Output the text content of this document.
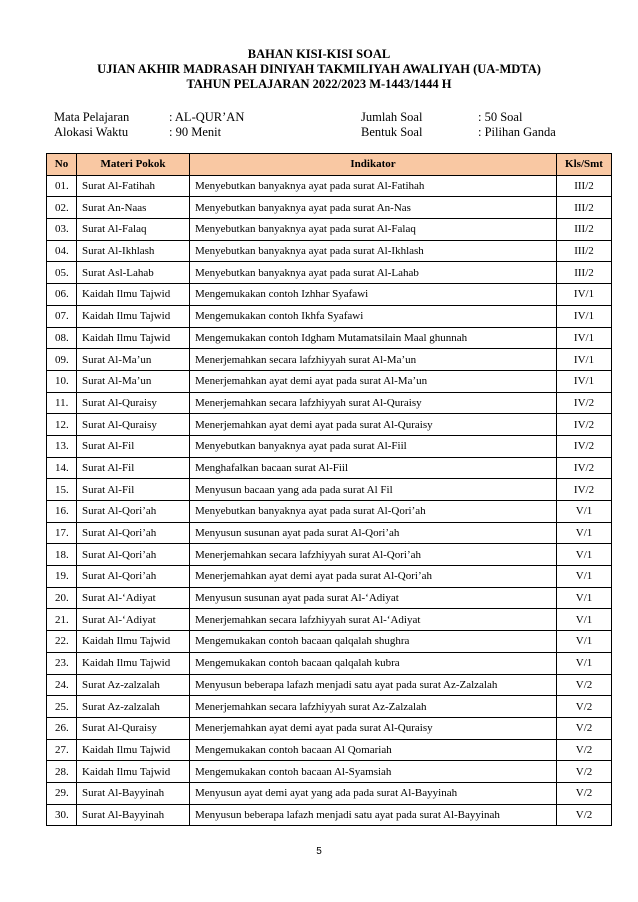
BAHAN KISI-KISI SOAL
UJIAN AKHIR MADRASAH DINIYAH TAKMILIYAH AWALIYAH (UA-MDTA)
TAHUN PELAJARAN 2022/2023 M-1443/1444 H
Mata Pelajaran	: AL-QUR’AN
Alokasi Waktu	: 90 Menit
Jumlah Soal	: 50 Soal
Bentuk Soal	: Pilihan Ganda
No	Materi Pokok	Indikator	Kls/Smt
01.	Surat Al-Fatihah	Menyebutkan banyaknya ayat pada surat Al-Fatihah	III/2
02.	Surat An-Naas	Menyebutkan banyaknya ayat pada surat An-Nas	III/2
03.	Surat Al-Falaq	Menyebutkan banyaknya ayat pada surat Al-Falaq	III/2
04.	Surat Al-Ikhlash	Menyebutkan banyaknya ayat pada surat Al-Ikhlash	III/2
05.	Surat Asl-Lahab	Menyebutkan banyaknya ayat pada surat Al-Lahab	III/2
06.	Kaidah Ilmu Tajwid	Mengemukakan contoh Izhhar Syafawi	IV/1
07.	Kaidah Ilmu Tajwid	Mengemukakan contoh Ikhfa Syafawi	IV/1
08.	Kaidah Ilmu Tajwid	Mengemukakan contoh Idgham Mutamatsilain Maal ghunnah	IV/1
09.	Surat Al-Ma’un	Menerjemahkan secara lafzhiyyah surat Al-Ma’un	IV/1
10.	Surat Al-Ma’un	Menerjemahkan ayat demi ayat pada surat Al-Ma’un	IV/1
11.	Surat Al-Quraisy	Menerjemahkan secara lafzhiyyah surat Al-Quraisy	IV/2
12.	Surat Al-Quraisy	Menerjemahkan ayat demi ayat pada surat Al-Quraisy	IV/2
13.	Surat Al-Fil	Menyebutkan banyaknya ayat pada surat Al-Fiil	IV/2
14.	Surat Al-Fil	Menghafalkan bacaan surat Al-Fiil	IV/2
15.	Surat Al-Fil	Menyusun bacaan yang ada pada surat Al Fil	IV/2
16.	Surat Al-Qori’ah	Menyebutkan banyaknya ayat pada surat Al-Qori’ah	V/1
17.	Surat Al-Qori’ah	Menyusun susunan ayat pada surat Al-Qori’ah	V/1
18.	Surat Al-Qori’ah	Menerjemahkan secara lafzhiyyah surat Al-Qori’ah	V/1
19.	Surat Al-Qori’ah	Menerjemahkan ayat demi ayat pada surat Al-Qori’ah	V/1
20.	Surat Al-‘Adiyat	Menyusun susunan ayat pada surat Al-‘Adiyat	V/1
21.	Surat Al-‘Adiyat	Menerjemahkan secara lafzhiyyah surat Al-‘Adiyat	V/1
22.	Kaidah Ilmu Tajwid	Mengemukakan contoh bacaan qalqalah shughra	V/1
23.	Kaidah Ilmu Tajwid	Mengemukakan contoh bacaan qalqalah kubra	V/1
24.	Surat Az-zalzalah	Menyusun beberapa lafazh menjadi satu ayat pada surat Az-Zalzalah	V/2
25.	Surat Az-zalzalah	Menerjemahkan secara lafzhiyyah surat Az-Zalzalah	V/2
26.	Surat Al-Quraisy	Menerjemahkan ayat demi ayat pada surat Al-Quraisy	V/2
27.	Kaidah Ilmu Tajwid	Mengemukakan contoh bacaan Al Qomariah	V/2
28.	Kaidah Ilmu Tajwid	Mengemukakan contoh bacaan Al-Syamsiah	V/2
29.	Surat Al-Bayyinah	Menyusun ayat demi ayat yang ada pada surat Al-Bayyinah	V/2
30.	Surat Al-Bayyinah	Menyusun beberapa lafazh menjadi satu ayat pada surat Al-Bayyinah	V/2
5
